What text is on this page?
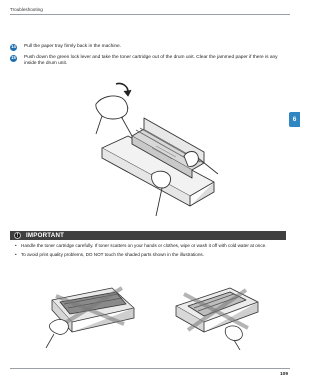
Troubleshooting
6
14 Pull the paper tray firmly back in the machine.
15 Push down the green lock lever and take the toner cartridge out of the drum unit. Clear the jammed paper if there is any inside the drum unit.
!	IMPORTANT
• Handle the toner cartridge carefully. If toner scatters on your hands or clothes, wipe or wash it off with cold water at once.
• To avoid print quality problems, DO NOT touch the shaded parts shown in the illustrations.
109
